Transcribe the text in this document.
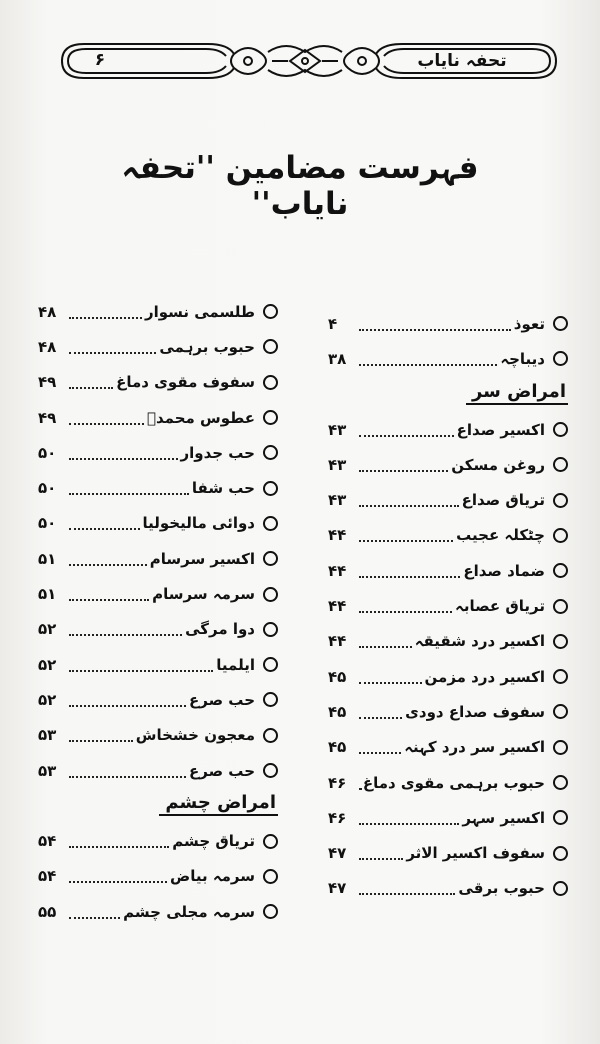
۶	تحفہ نایاب
فہرست مضامین ''تحفہ نایاب''
تعوذ
۴
دیباچہ
۳۸
امراض سر
اکسیر صداع
۴۳
روغن مسکن
۴۳
تریاق صداع
۴۳
چٹکلہ عجیب
۴۴
ضماد صداع
۴۴
تریاق عصابہ
۴۴
اکسیر درد شقیقہ
۴۴
اکسیر درد مزمن
۴۵
سفوف صداع دودی
۴۵
اکسیر سر درد کہنہ
۴۵
حبوب برہمی مقوی دماغ
۴۶
اکسیر سہر
۴۶
سفوف اکسیر الاثر
۴۷
حبوب برقی
۴۷
طلسمی نسوار
۴۸
حبوب برہمی
۴۸
سفوف مقوی دماغ
۴۹
عطوس محمدؐ
۴۹
حب جدوار
۵۰
حب شفا
۵۰
دوائی مالیخولیا
۵۰
اکسیر سرسام
۵۱
سرمہ سرسام
۵۱
دوا مرگی
۵۲
ایلمیا
۵۲
حب صرع
۵۲
معجون خشخاش
۵۳
حب صرع
۵۳
امراض چشم
تریاق چشم
۵۴
سرمہ بیاض
۵۴
سرمہ مجلی چشم
۵۵
